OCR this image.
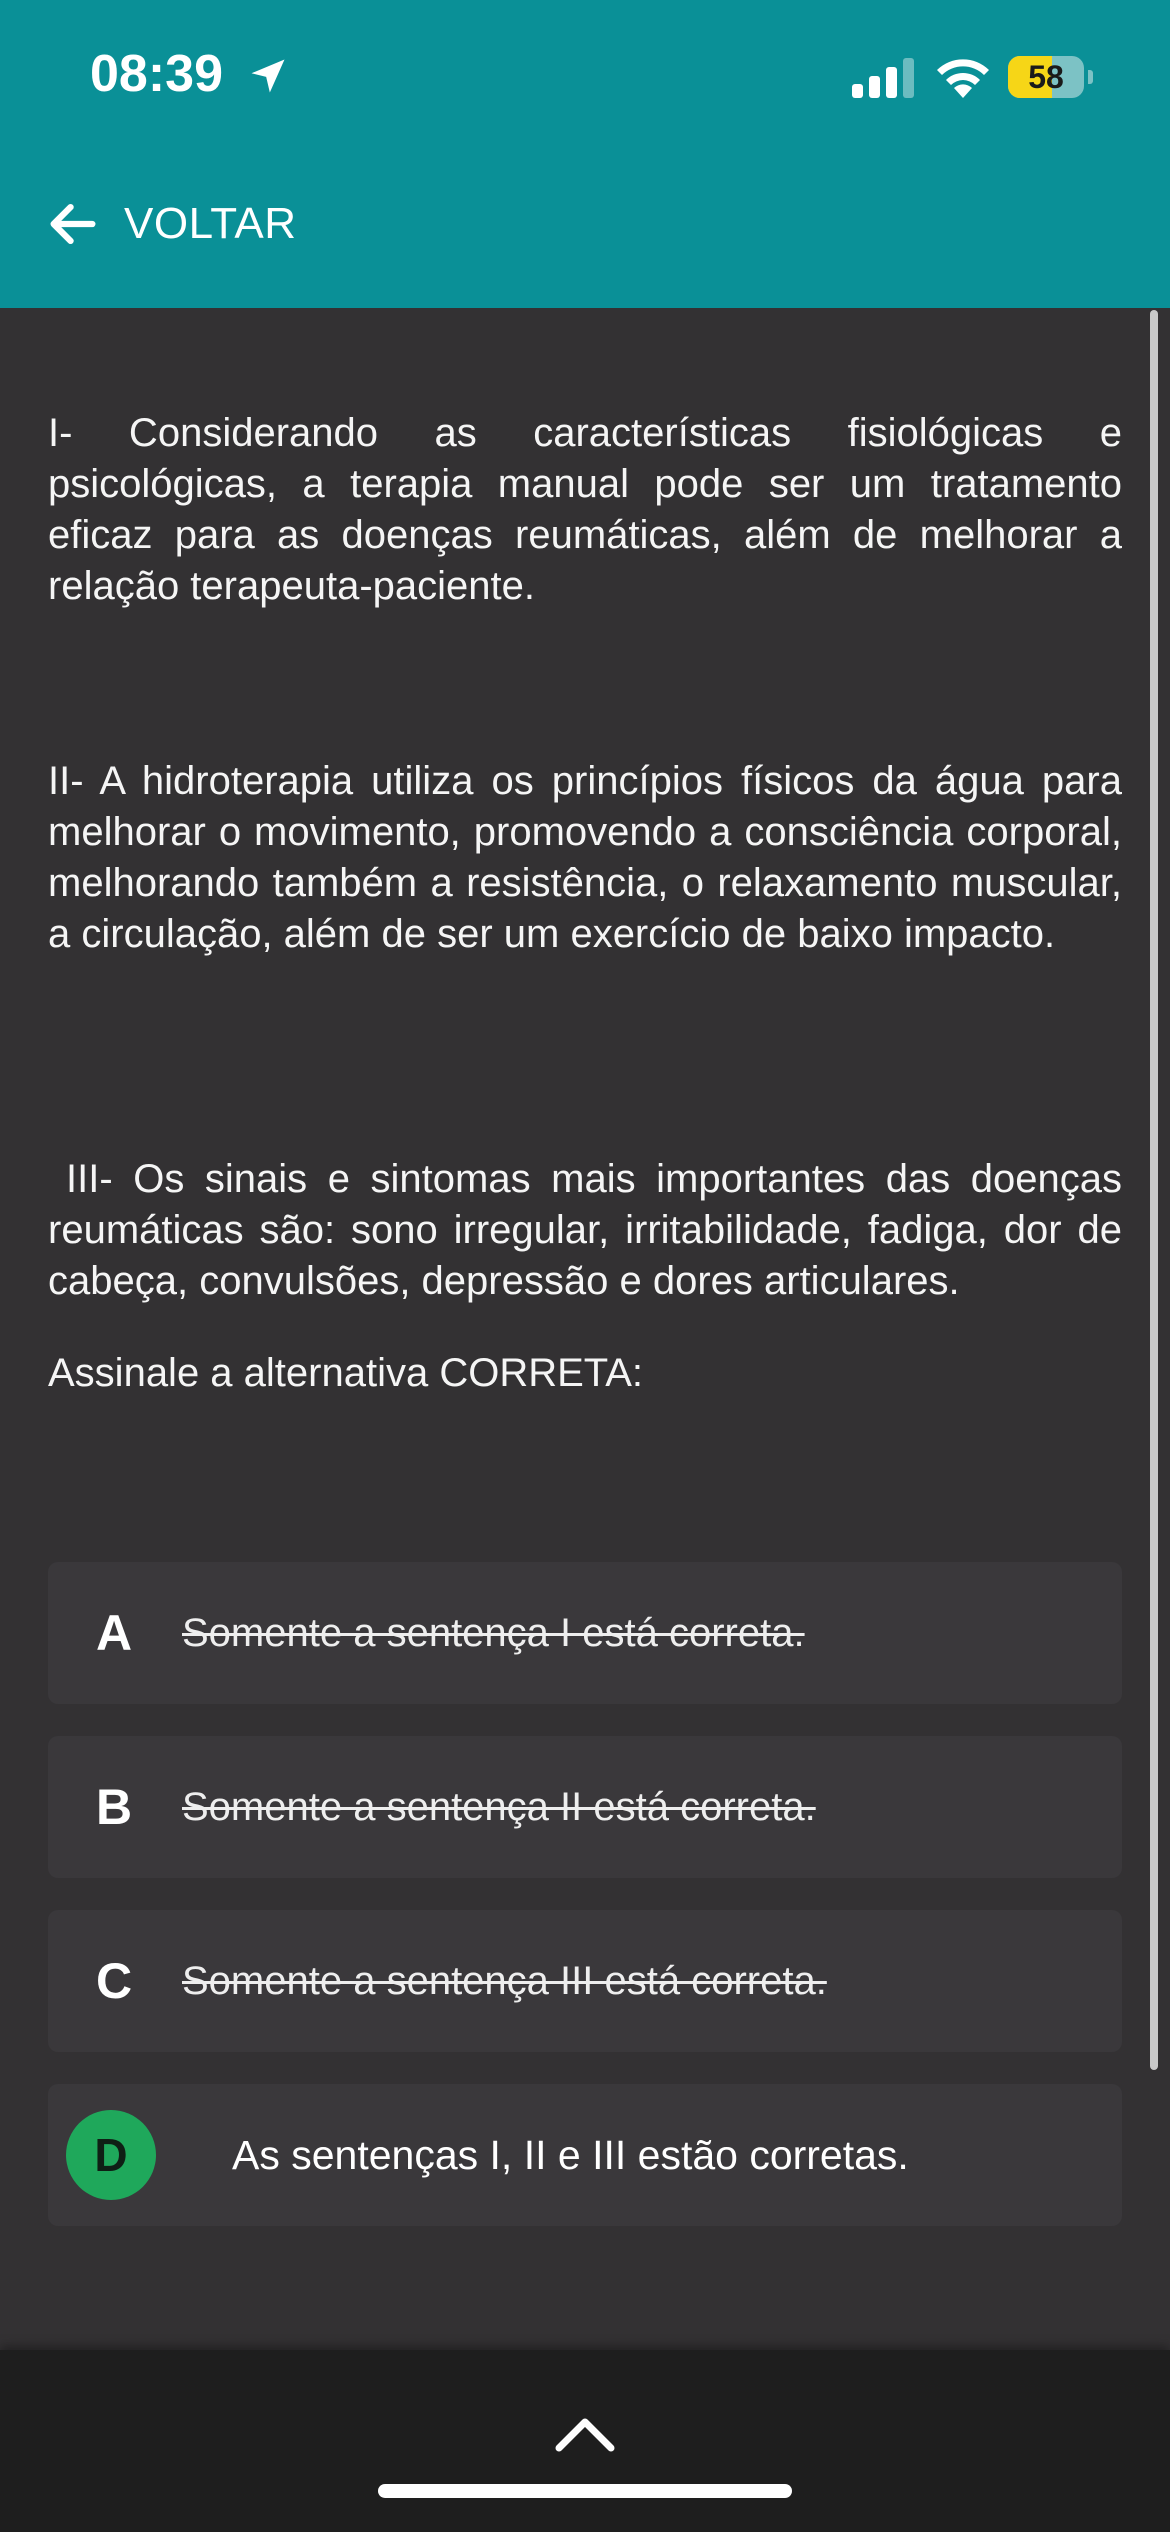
08:39	58
VOLTAR

I- Considerando as características fisiológicas e psicológicas, a terapia manual pode ser um tratamento eficaz para as doenças reumáticas, além de melhorar a relação terapeuta-paciente.

II- A hidroterapia utiliza os princípios físicos da água para melhorar o movimento, promovendo a consciência corporal, melhorando também a resistência, o relaxamento muscular, a circulação, além de ser um exercício de baixo impacto.

III- Os sinais e sintomas mais importantes das doenças reumáticas são: sono irregular, irritabilidade, fadiga, dor de cabeça, convulsões, depressão e dores articulares.

Assinale a alternativa CORRETA:

A	Somente a sentença I está correta.
B	Somente a sentença II está correta.
C	Somente a sentença III está correta.
D	As sentenças I, II e III estão corretas.
